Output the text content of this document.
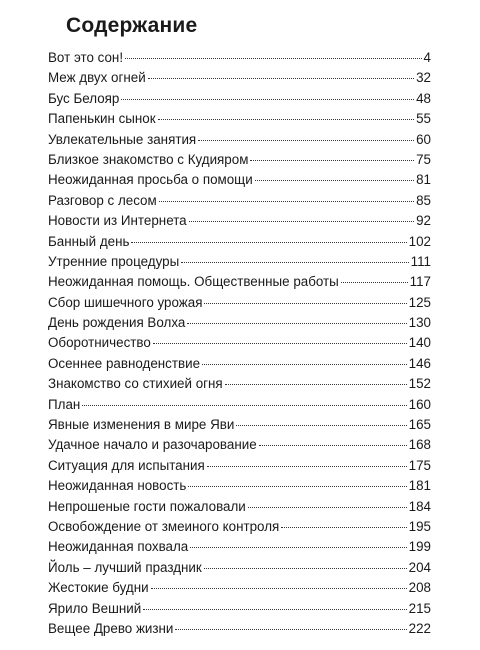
Содержание
Вот это сон!	4
Меж двух огней	32
Бус Белояр	48
Папенькин сынок	55
Увлекательные занятия	60
Близкое знакомство с Кудияром	75
Неожиданная просьба о помощи	81
Разговор с лесом	85
Новости из Интернета	92
Банный день	102
Утренние процедуры	111
Неожиданная помощь. Общественные работы	117
Сбор шишечного урожая	125
День рождения Волха	130
Оборотничество	140
Осеннее равноденствие	146
Знакомство со стихией огня	152
План	160
Явные изменения в мире Яви	165
Удачное начало и разочарование	168
Ситуация для испытания	175
Неожиданная новость	181
Непрошеные гости пожаловали	184
Освобождение от змеиного контроля	195
Неожиданная похвала	199
Йоль – лучший праздник	204
Жестокие будни	208
Ярило Вешний	215
Вещее Древо жизни	222
